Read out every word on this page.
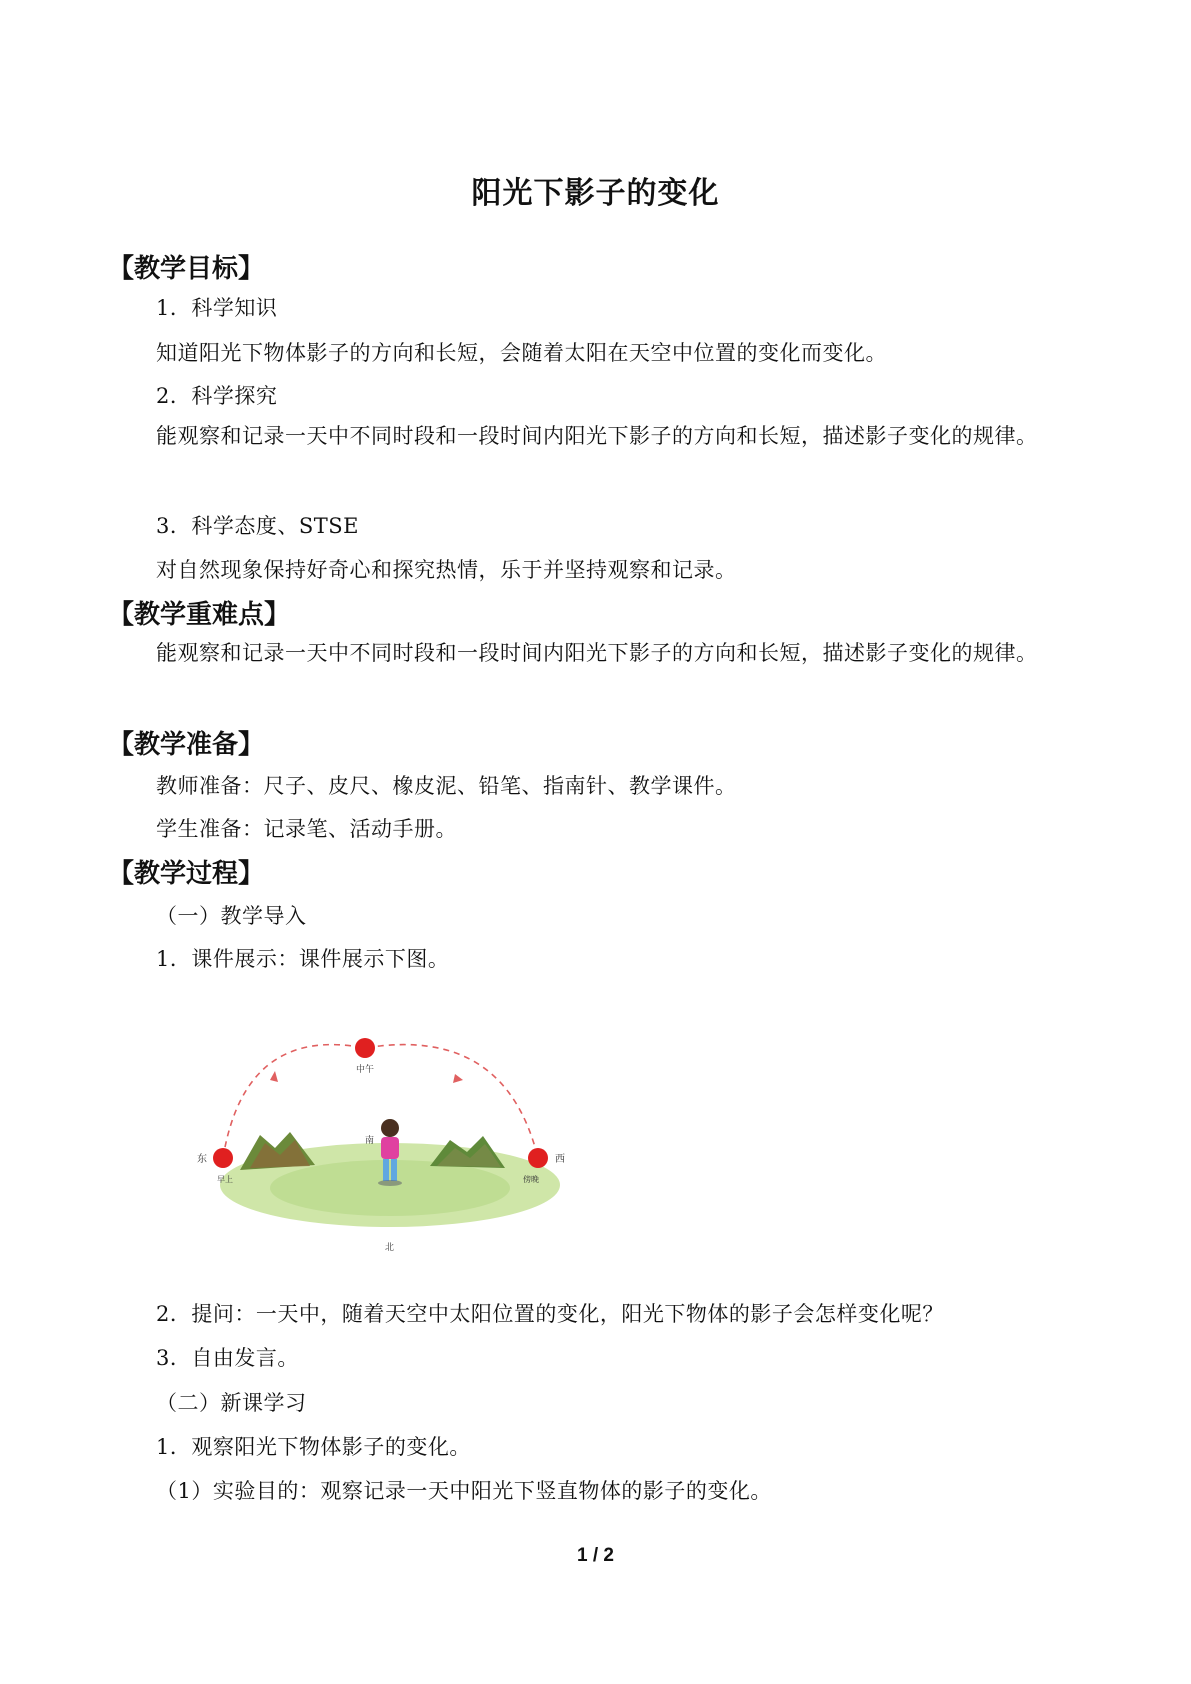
阳光下影子的变化
【教学目标】
1．科学知识
知道阳光下物体影子的方向和长短，会随着太阳在天空中位置的变化而变化。
2．科学探究
能观察和记录一天中不同时段和一段时间内阳光下影子的方向和长短，描述影子变化的规律。
3．科学态度、STSE
对自然现象保持好奇心和探究热情，乐于并坚持观察和记录。
【教学重难点】
能观察和记录一天中不同时段和一段时间内阳光下影子的方向和长短，描述影子变化的规律。
【教学准备】
教师准备：尺子、皮尺、橡皮泥、铅笔、指南针、教学课件。
学生准备：记录笔、活动手册。
【教学过程】
（一）教学导入
1．课件展示：课件展示下图。
中午
东	西
南
北
早上	傍晚
2．提问：一天中，随着天空中太阳位置的变化，阳光下物体的影子会怎样变化呢？
3．自由发言。
（二）新课学习
1．观察阳光下物体影子的变化。
（1）实验目的：观察记录一天中阳光下竖直物体的影子的变化。
1 / 2
